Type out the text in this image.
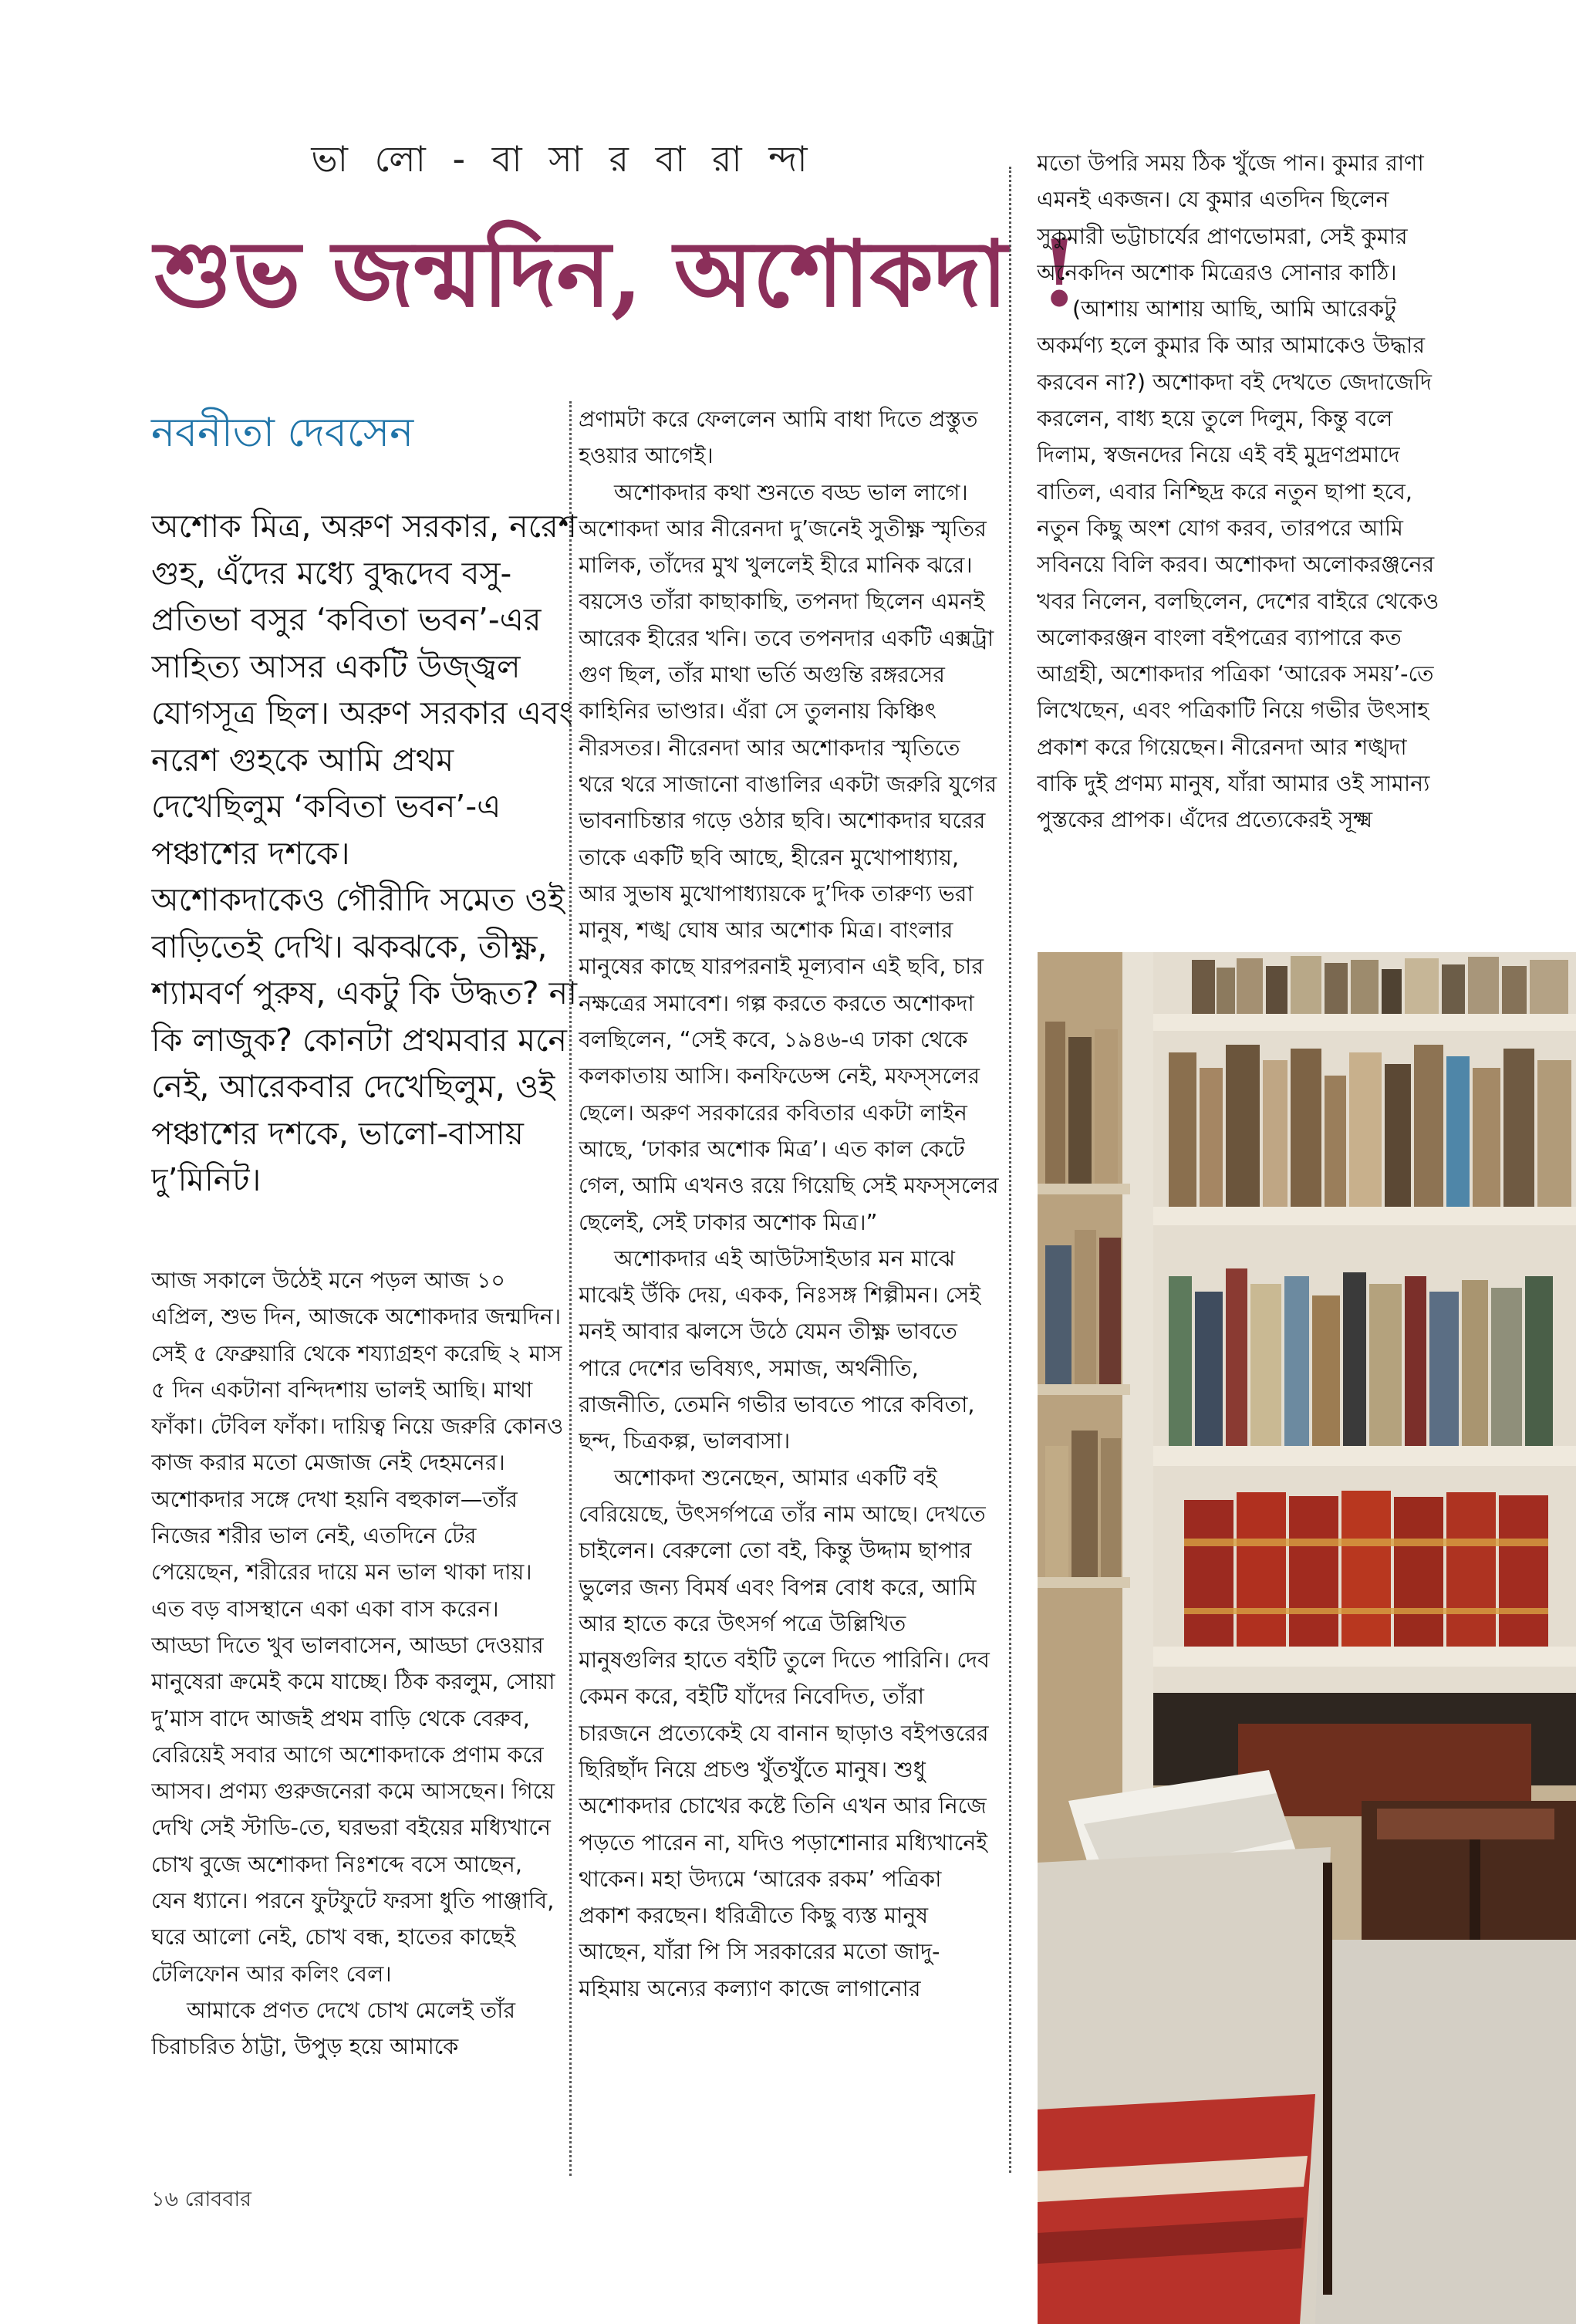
ভা লো - বা সা র বা রা ন্দা
শুভ জন্মদিন, অশোকদা !
নবনীতা দেবসেন

অশোক মিত্র, অরুণ সরকার, নরেশ গুহ, এঁদের মধ্যে বুদ্ধদেব বসু-প্রতিভা বসুর ‘কবিতা ভবন’-এর সাহিত্য আসর একটি উজ্জ্বল যোগসূত্র ছিল। অরুণ সরকার এবং নরেশ গুহকে আমি প্রথম দেখেছিলুম ‘কবিতা ভবন’-এ পঞ্চাশের দশকে।

অশোকদাকেও গৌরীদি সমেত ওই বাড়িতেই দেখি। ঝকঝকে, তীক্ষ্ণ, শ্যামবর্ণ পুরুষ, একটু কি উদ্ধত? না কি লাজুক? কোনটা প্রথমবার মনে নেই, আরেকবার দেখেছিলুম, ওই পঞ্চাশের দশকে, ভালো-বাসায় দু’মিনিট।

আজ সকালে উঠেই মনে পড়ল আজ ১০ এপ্রিল, শুভ দিন, আজকে অশোকদার জন্মদিন। সেই ৫ ফেব্রুয়ারি থেকে শয্যাগ্রহণ করেছি ২ মাস ৫ দিন একটানা বন্দিদশায় ভালই আছি। মাথা ফাঁকা। টেবিল ফাঁকা। দায়িত্ব নিয়ে জরুরি কোনও কাজ করার মতো মেজাজ নেই দেহমনের। অশোকদার সঙ্গে দেখা হয়নি বহুকাল—তাঁর নিজের শরীর ভাল নেই, এতদিনে টের পেয়েছেন, শরীরের দায়ে মন ভাল থাকা দায়। এত বড় বাসস্থানে একা একা বাস করেন। আড্ডা দিতে খুব ভালবাসেন, আড্ডা দেওয়ার মানুষেরা ক্রমেই কমে যাচ্ছে। ঠিক করলুম, সোয়া দু’মাস বাদে আজই প্রথম বাড়ি থেকে বেরুব, বেরিয়েই সবার আগে অশোকদাকে প্রণাম করে আসব। প্রণম্য গুরুজনেরা কমে আসছেন। গিয়ে দেখি সেই স্টাডি-তে, ঘরভরা বইয়ের মধ্যিখানে চোখ বুজে অশোকদা নিঃশব্দে বসে আছেন, যেন ধ্যানে। পরনে ফুটফুটে ফরসা ধুতি পাঞ্জাবি, ঘরে আলো নেই, চোখ বন্ধ, হাতের কাছেই টেলিফোন আর কলিং বেল।

আমাকে প্রণত দেখে চোখ মেলেই তাঁর চিরাচরিত ঠাট্টা, উপুড় হয়ে আমাকে

প্রণামটা করে ফেললেন আমি বাধা দিতে প্রস্তুত হওয়ার আগেই।

অশোকদার কথা শুনতে বড্ড ভাল লাগে। অশোকদা আর নীরেনদা দু’জনেই সুতীক্ষ্ণ স্মৃতির মালিক, তাঁদের মুখ খুললেই হীরে মানিক ঝরে। বয়সেও তাঁরা কাছাকাছি, তপনদা ছিলেন এমনই আরেক হীরের খনি। তবে তপনদার একটি এক্সট্রা গুণ ছিল, তাঁর মাথা ভর্তি অগুন্তি রঙ্গরসের কাহিনির ভাণ্ডার। এঁরা সে তুলনায় কিঞ্চিৎ নীরসতর। নীরেনদা আর অশোকদার স্মৃতিতে থরে থরে সাজানো বাঙালির একটা জরুরি যুগের ভাবনাচিন্তার গড়ে ওঠার ছবি। অশোকদার ঘরের তাকে একটি ছবি আছে, হীরেন মুখোপাধ্যায়, আর সুভাষ মুখোপাধ্যায়কে দু’দিক তারুণ্য ভরা মানুষ, শঙ্খ ঘোষ আর অশোক মিত্র। বাংলার মানুষের কাছে যারপরনাই মূল্যবান এই ছবি, চার নক্ষত্রের সমাবেশ। গল্প করতে করতে অশোকদা বলছিলেন, “সেই কবে, ১৯৪৬-এ ঢাকা থেকে কলকাতায় আসি। কনফিডেন্স নেই, মফস্সলের ছেলে। অরুণ সরকারের কবিতার একটা লাইন আছে, ‘ঢাকার অশোক মিত্র’। এত কাল কেটে গেল, আমি এখনও রয়ে গিয়েছি সেই মফস্সলের ছেলেই, সেই ঢাকার অশোক মিত্র।”

অশোকদার এই আউটসাইডার মন মাঝে মাঝেই উঁকি দেয়, একক, নিঃসঙ্গ শিল্পীমন। সেই মনই আবার ঝলসে উঠে যেমন তীক্ষ্ণ ভাবতে পারে দেশের ভবিষ্যৎ, সমাজ, অর্থনীতি, রাজনীতি, তেমনি গভীর ভাবতে পারে কবিতা, ছন্দ, চিত্রকল্প, ভালবাসা।

অশোকদা শুনেছেন, আমার একটি বই বেরিয়েছে, উৎসর্গপত্রে তাঁর নাম আছে। দেখতে চাইলেন। বেরুলো তো বই, কিন্তু উদ্দাম ছাপার ভুলের জন্য বিমর্ষ এবং বিপন্ন বোধ করে, আমি আর হাতে করে উৎসর্গ পত্রে উল্লিখিত মানুষগুলির হাতে বইটি তুলে দিতে পারিনি। দেব কেমন করে, বইটি যাঁদের নিবেদিত, তাঁরা চারজনে প্রত্যেকেই যে বানান ছাড়াও বইপত্তরের ছিরিছাঁদ নিয়ে প্রচণ্ড খুঁতখুঁতে মানুষ। শুধু অশোকদার চোখের কষ্টে তিনি এখন আর নিজে পড়তে পারেন না, যদিও পড়াশোনার মধ্যিখানেই থাকেন। মহা উদ্যমে ‘আরেক রকম’ পত্রিকা প্রকাশ করছেন। ধরিত্রীতে কিছু ব্যস্ত মানুষ আছেন, যাঁরা পি সি সরকারের মতো জাদু-মহিমায় অন্যের কল্যাণ কাজে লাগানোর

মতো উপরি সময় ঠিক খুঁজে পান। কুমার রাণা এমনই একজন। যে কুমার এতদিন ছিলেন সুকুমারী ভট্টাচার্যের প্রাণভোমরা, সেই কুমার অনেকদিন অশোক মিত্রেরও সোনার কাঠি।

(আশায় আশায় আছি, আমি আরেকটু অকর্মণ্য হলে কুমার কি আর আমাকেও উদ্ধার করবেন না?) অশোকদা বই দেখতে জেদাজেদি করলেন, বাধ্য হয়ে তুলে দিলুম, কিন্তু বলে দিলাম, স্বজনদের নিয়ে এই বই মুদ্রণপ্রমাদে বাতিল, এবার নিশ্ছিদ্র করে নতুন ছাপা হবে, নতুন কিছু অংশ যোগ করব, তারপরে আমি সবিনয়ে বিলি করব। অশোকদা অলোকরঞ্জনের খবর নিলেন, বলছিলেন, দেশের বাইরে থেকেও অলোকরঞ্জন বাংলা বইপত্রের ব্যাপারে কত আগ্রহী, অশোকদার পত্রিকা ‘আরেক সময়’-তে লিখেছেন, এবং পত্রিকাটি নিয়ে গভীর উৎসাহ প্রকাশ করে গিয়েছেন। নীরেনদা আর শঙ্খদা বাকি দুই প্রণম্য মানুষ, যাঁরা আমার ওই সামান্য পুস্তকের প্রাপক। এঁদের প্রত্যেকেরই সূক্ষ্ম

১৬ রোববার
